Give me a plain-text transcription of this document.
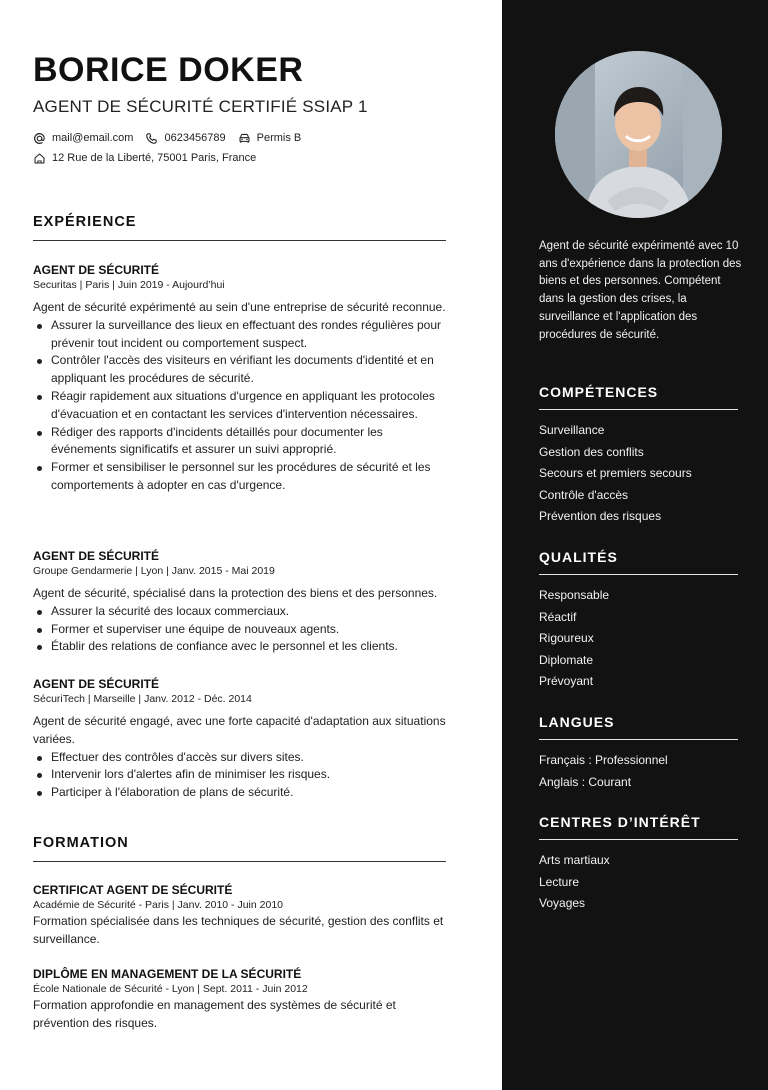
BORICE DOKER
AGENT DE SÉCURITÉ CERTIFIÉ SSIAP 1
mail@email.com	0623456789	Permis B
12 Rue de la Liberté, 75001 Paris, France
EXPÉRIENCE
AGENT DE SÉCURITÉ
Securitas | Paris | Juin 2019 - Aujourd’hui
Agent de sécurité expérimenté au sein d'une entreprise de sécurité reconnue.
Assurer la surveillance des lieux en effectuant des rondes régulières pour prévenir tout incident ou comportement suspect.
Contrôler l'accès des visiteurs en vérifiant les documents d'identité et en appliquant les procédures de sécurité.
Réagir rapidement aux situations d'urgence en appliquant les protocoles d'évacuation et en contactant les services d'intervention nécessaires.
Rédiger des rapports d'incidents détaillés pour documenter les événements significatifs et assurer un suivi approprié.
Former et sensibiliser le personnel sur les procédures de sécurité et les comportements à adopter en cas d'urgence.
AGENT DE SÉCURITÉ
Groupe Gendarmerie | Lyon | Janv. 2015 - Mai 2019
Agent de sécurité, spécialisé dans la protection des biens et des personnes.
Assurer la sécurité des locaux commerciaux.
Former et superviser une équipe de nouveaux agents.
Établir des relations de confiance avec le personnel et les clients.
AGENT DE SÉCURITÉ
SécuriTech | Marseille | Janv. 2012 - Déc. 2014
Agent de sécurité engagé, avec une forte capacité d'adaptation aux situations variées.
Effectuer des contrôles d'accès sur divers sites.
Intervenir lors d'alertes afin de minimiser les risques.
Participer à l'élaboration de plans de sécurité.
FORMATION
CERTIFICAT AGENT DE SÉCURITÉ
Académie de Sécurité - Paris | Janv. 2010 - Juin 2010
Formation spécialisée dans les techniques de sécurité, gestion des conflits et surveillance.
DIPLÔME EN MANAGEMENT DE LA SÉCURITÉ
École Nationale de Sécurité - Lyon | Sept. 2011 - Juin 2012
Formation approfondie en management des systèmes de sécurité et prévention des risques.
Agent de sécurité expérimenté avec 10 ans d'expérience dans la protection des biens et des personnes. Compétent dans la gestion des crises, la surveillance et l'application des procédures de sécurité.
COMPÉTENCES
Surveillance
Gestion des conflits
Secours et premiers secours
Contrôle d'accès
Prévention des risques
QUALITÉS
Responsable
Réactif
Rigoureux
Diplomate
Prévoyant
LANGUES
Français : Professionnel
Anglais : Courant
CENTRES D’INTÉRÊT
Arts martiaux
Lecture
Voyages
